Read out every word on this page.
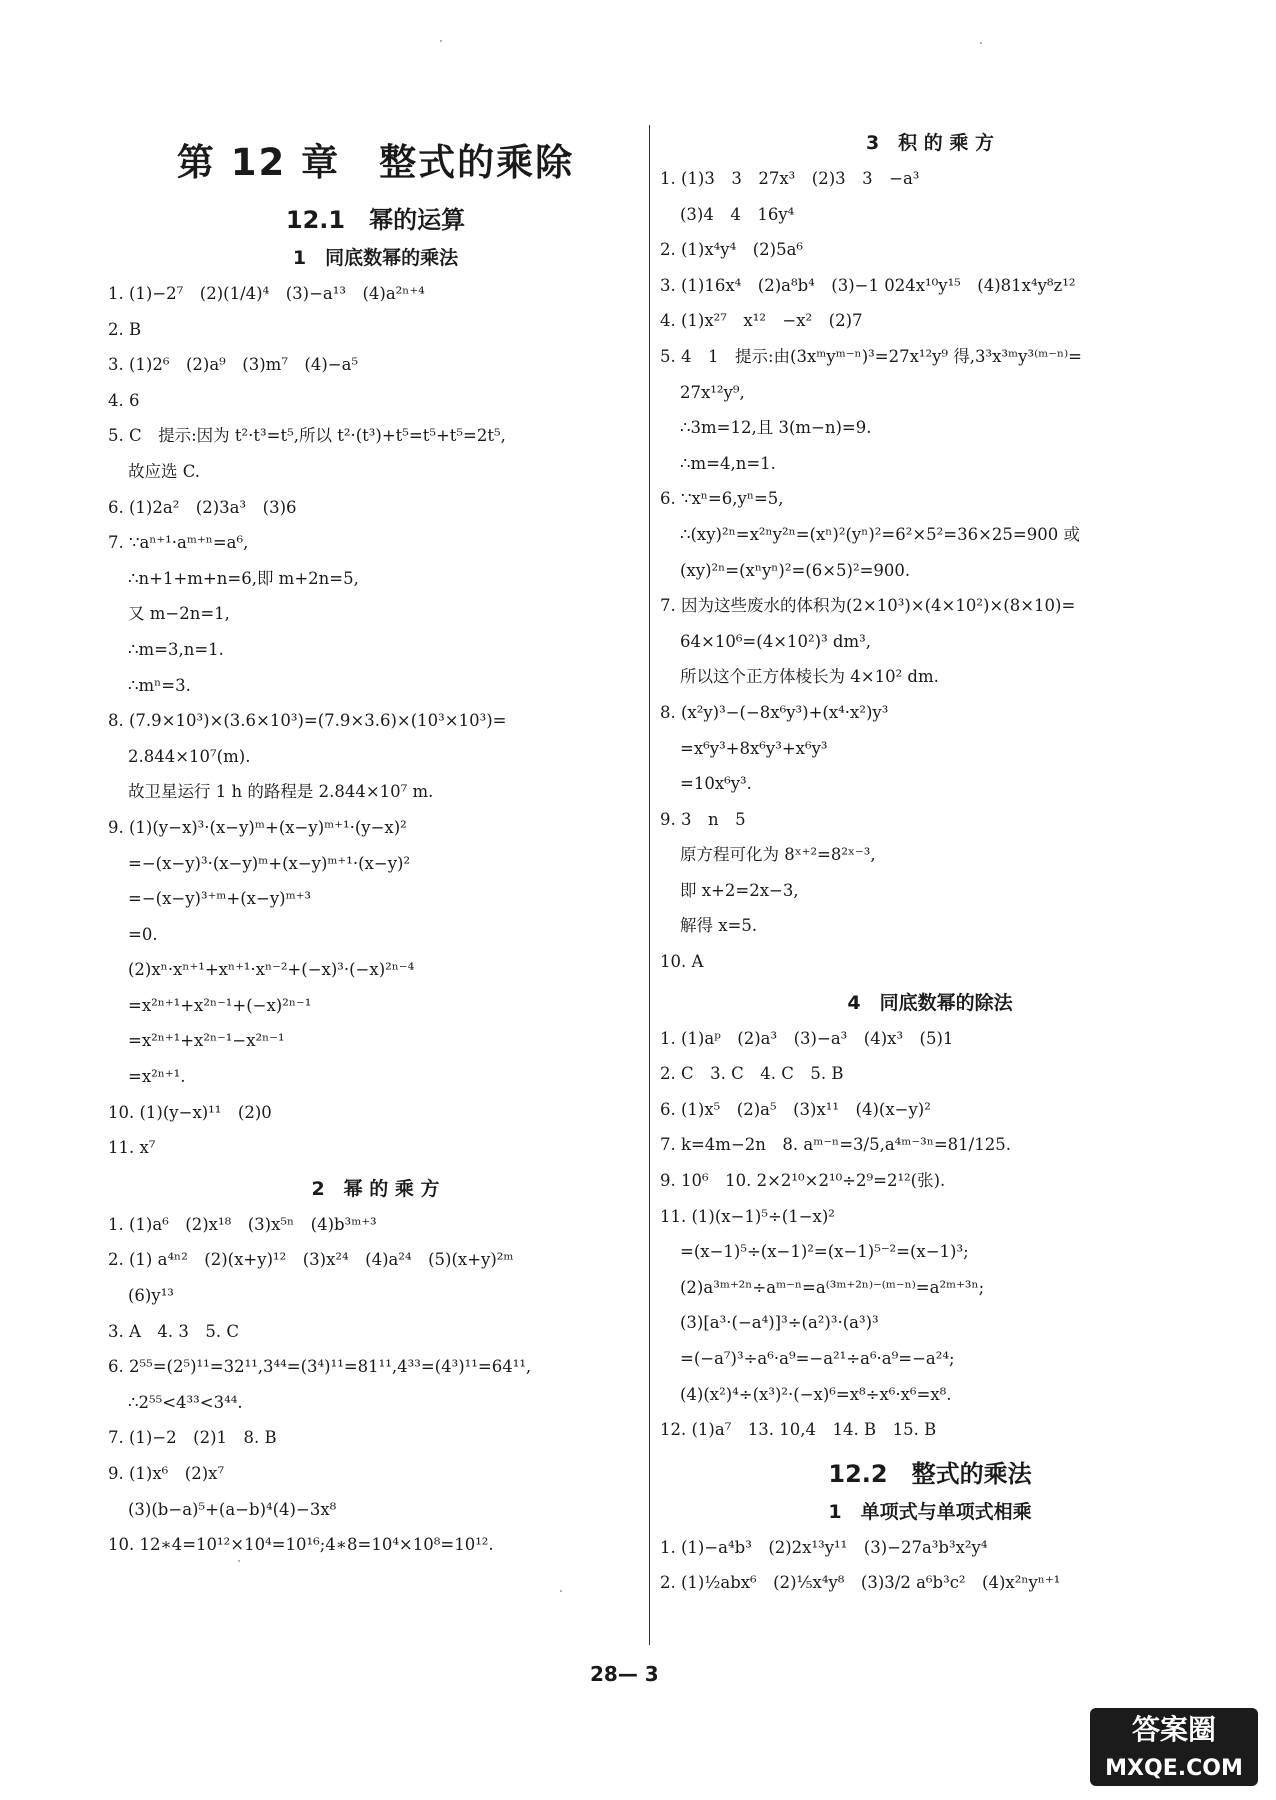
第 12 章　整式的乘除
12.1　幂的运算
1　同底数幂的乘法
1. (1)−2⁷　(2)(1/4)⁴　(3)−a¹³　(4)a²ⁿ⁺⁴
2. B
3. (1)2⁶　(2)a⁹　(3)m⁷　(4)−a⁵
4. 6
5. C　提示:因为 t²·t³=t⁵,所以 t²·(t³)+t⁵=t⁵+t⁵=2t⁵,
故应选 C.
6. (1)2a²　(2)3a³　(3)6
7. ∵aⁿ⁺¹·aᵐ⁺ⁿ=a⁶,
∴n+1+m+n=6,即 m+2n=5,
又 m−2n=1,
∴m=3,n=1.
∴mⁿ=3.
8. (7.9×10³)×(3.6×10³)=(7.9×3.6)×(10³×10³)=
2.844×10⁷(m).
故卫星运行 1 h 的路程是 2.844×10⁷ m.
9. (1)(y−x)³·(x−y)ᵐ+(x−y)ᵐ⁺¹·(y−x)²
=−(x−y)³·(x−y)ᵐ+(x−y)ᵐ⁺¹·(x−y)²
=−(x−y)³⁺ᵐ+(x−y)ᵐ⁺³
=0.
(2)xⁿ·xⁿ⁺¹+xⁿ⁺¹·xⁿ⁻²+(−x)³·(−x)²ⁿ⁻⁴
=x²ⁿ⁺¹+x²ⁿ⁻¹+(−x)²ⁿ⁻¹
=x²ⁿ⁺¹+x²ⁿ⁻¹−x²ⁿ⁻¹
=x²ⁿ⁺¹.
10. (1)(y−x)¹¹　(2)0
11. x⁷
2　幂 的 乘 方
1. (1)a⁶　(2)x¹⁸　(3)x⁵ⁿ　(4)b³ᵐ⁺³
2. (1) a⁴ⁿ²　(2)(x+y)¹²　(3)x²⁴　(4)a²⁴　(5)(x+y)²ᵐ
(6)y¹³
3. A　4. 3　5. C
6. 2⁵⁵=(2⁵)¹¹=32¹¹,3⁴⁴=(3⁴)¹¹=81¹¹,4³³=(4³)¹¹=64¹¹,
∴2⁵⁵<4³³<3⁴⁴.
7. (1)−2　(2)1　8. B
9. (1)x⁶　(2)x⁷
(3)(b−a)⁵+(a−b)⁴(4)−3x⁸
10. 12∗4=10¹²×10⁴=10¹⁶;4∗8=10⁴×10⁸=10¹².
3　积 的 乘 方
1. (1)3　3　27x³　(2)3　3　−a³
(3)4　4　16y⁴
2. (1)x⁴y⁴　(2)5a⁶
3. (1)16x⁴　(2)a⁸b⁴　(3)−1 024x¹⁰y¹⁵　(4)81x⁴y⁸z¹²
4. (1)x²⁷　x¹²　−x²　(2)7
5. 4　1　提示:由(3xᵐyᵐ⁻ⁿ)³=27x¹²y⁹ 得,3³x³ᵐy³⁽ᵐ⁻ⁿ⁾=
27x¹²y⁹,
∴3m=12,且 3(m−n)=9.
∴m=4,n=1.
6. ∵xⁿ=6,yⁿ=5,
∴(xy)²ⁿ=x²ⁿy²ⁿ=(xⁿ)²(yⁿ)²=6²×5²=36×25=900 或
(xy)²ⁿ=(xⁿyⁿ)²=(6×5)²=900.
7. 因为这些废水的体积为(2×10³)×(4×10²)×(8×10)=
64×10⁶=(4×10²)³ dm³,
所以这个正方体棱长为 4×10² dm.
8. (x²y)³−(−8x⁶y³)+(x⁴·x²)y³
=x⁶y³+8x⁶y³+x⁶y³
=10x⁶y³.
9. 3　n　5
原方程可化为 8ˣ⁺²=8²ˣ⁻³,
即 x+2=2x−3,
解得 x=5.
10. A
4　同底数幂的除法
1. (1)aᵖ　(2)a³　(3)−a³　(4)x³　(5)1
2. C　3. C　4. C　5. B
6. (1)x⁵　(2)a⁵　(3)x¹¹　(4)(x−y)²
7. k=4m−2n　8. aᵐ⁻ⁿ=3/5,a⁴ᵐ⁻³ⁿ=81/125.
9. 10⁶　10. 2×2¹⁰×2¹⁰÷2⁹=2¹²(张).
11. (1)(x−1)⁵÷(1−x)²
=(x−1)⁵÷(x−1)²=(x−1)⁵⁻²=(x−1)³;
(2)a³ᵐ⁺²ⁿ÷aᵐ⁻ⁿ=a⁽³ᵐ⁺²ⁿ⁾⁻⁽ᵐ⁻ⁿ⁾=a²ᵐ⁺³ⁿ;
(3)[a³·(−a⁴)]³÷(a²)³·(a³)³
=(−a⁷)³÷a⁶·a⁹=−a²¹÷a⁶·a⁹=−a²⁴;
(4)(x²)⁴÷(x³)²·(−x)⁶=x⁸÷x⁶·x⁶=x⁸.
12. (1)a⁷　13. 10,4　14. B　15. B
12.2　整式的乘法
1　单项式与单项式相乘
1. (1)−a⁴b³　(2)2x¹³y¹¹　(3)−27a³b³x²y⁴
2. (1)½abx⁶　(2)⅕x⁴y⁸　(3)3/2 a⁶b³c²　(4)x²ⁿyⁿ⁺¹
28— 3
答案圈
MXQE.COM
